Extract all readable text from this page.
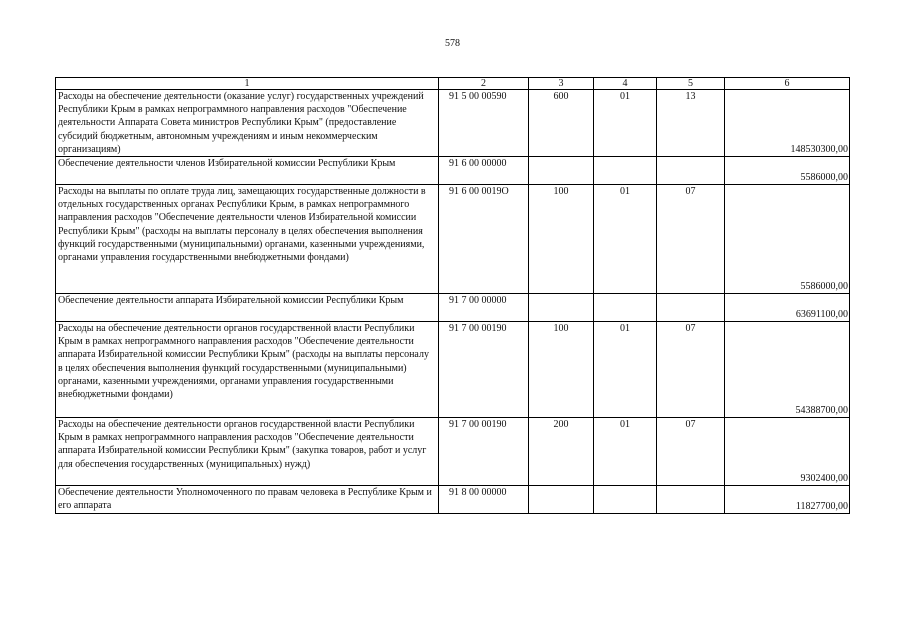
578
1	2	3	4	5	6
Расходы на обеспечение деятельности (оказание услуг) государственных учреждений Республики Крым в рамках непрограммного направления расходов "Обеспечение деятельности Аппарата Совета министров Республики Крым" (предоставление субсидий бюджетным, автономным учреждениям и иным некоммерческим организациям)	91 5 00 00590	600	01	13	148530300,00
Обеспечение деятельности членов Избирательной комиссии Республики Крым	91 6 00 00000				5586000,00
Расходы на выплаты по оплате труда лиц, замещающих государственные должности в отдельных государственных органах Республики Крым, в рамках непрограммного направления расходов "Обеспечение деятельности членов Избирательной комиссии Республики Крым" (расходы на выплаты персоналу в целях обеспечения выполнения функций государственными (муниципальными) органами, казенными учреждениями, органами управления государственными внебюджетными фондами)	91 6 00 0019О	100	01	07	5586000,00
Обеспечение деятельности аппарата Избирательной комиссии Республики Крым	91 7 00 00000				63691100,00
Расходы на обеспечение деятельности органов государственной власти Республики Крым в рамках непрограммного направления расходов "Обеспечение деятельности аппарата Избирательной комиссии Республики Крым" (расходы на выплаты персоналу в целях обеспечения выполнения функций государственными (муниципальными) органами, казенными учреждениями, органами управления государственными внебюджетными фондами)	91 7 00 00190	100	01	07	54388700,00
Расходы на обеспечение деятельности органов государственной власти Республики Крым в рамках непрограммного направления расходов "Обеспечение деятельности аппарата Избирательной комиссии Республики Крым" (закупка товаров, работ и услуг для обеспечения государственных (муниципальных) нужд)	91 7 00 00190	200	01	07	9302400,00
Обеспечение деятельности Уполномоченного по правам человека в Республике Крым и его аппарата	91 8 00 00000				11827700,00
